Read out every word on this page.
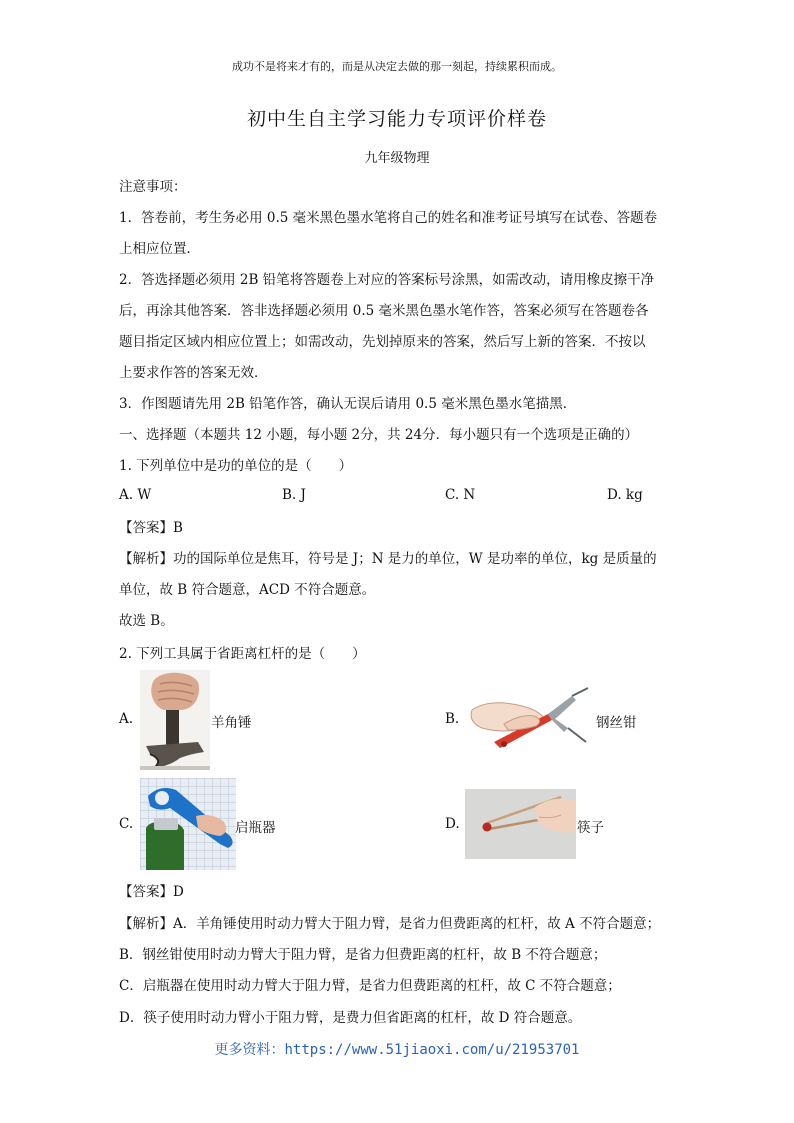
成功不是将来才有的，而是从决定去做的那一刻起，持续累积而成。
初中生自主学习能力专项评价样卷
九年级物理
注意事项：
1．答卷前，考生务必用 0.5 毫米黑色墨水笔将自己的姓名和准考证号填写在试卷、答题卷
上相应位置．
2．答选择题必须用 2B 铅笔将答题卷上对应的答案标号涂黑，如需改动，请用橡皮擦干净
后，再涂其他答案．答非选择题必须用 0.5 毫米黑色墨水笔作答，答案必须写在答题卷各
题目指定区域内相应位置上；如需改动，先划掉原来的答案，然后写上新的答案．不按以
上要求作答的答案无效．
3．作图题请先用 2B 铅笔作答，确认无误后请用 0.5 毫米黑色墨水笔描黑．
一、选择题（本题共 12 小题，每小题 2分，共 24分．每小题只有一个选项是正确的）
1. 下列单位中是功的单位的是（　　）
A. W	B. J	C. N	D. kg
【答案】B
【解析】功的国际单位是焦耳，符号是 J；N 是力的单位，W 是功率的单位，kg 是质量的
单位，故 B 符合题意，ACD 不符合题意。
故选 B。
2. 下列工具属于省距离杠杆的是（　　）
A.	羊角锤	B.	钢丝钳
C.	启瓶器	D.	筷子
【答案】D
【解析】A．羊角锤使用时动力臂大于阻力臂，是省力但费距离的杠杆，故 A 不符合题意；
B．钢丝钳使用时动力臂大于阻力臂，是省力但费距离的杠杆，故 B 不符合题意；
C．启瓶器在使用时动力臂大于阻力臂，是省力但费距离的杠杆，故 C 不符合题意；
D．筷子使用时动力臂小于阻力臂，是费力但省距离的杠杆，故 D 符合题意。
更多资料：https://www.51jiaoxi.com/u/21953701
